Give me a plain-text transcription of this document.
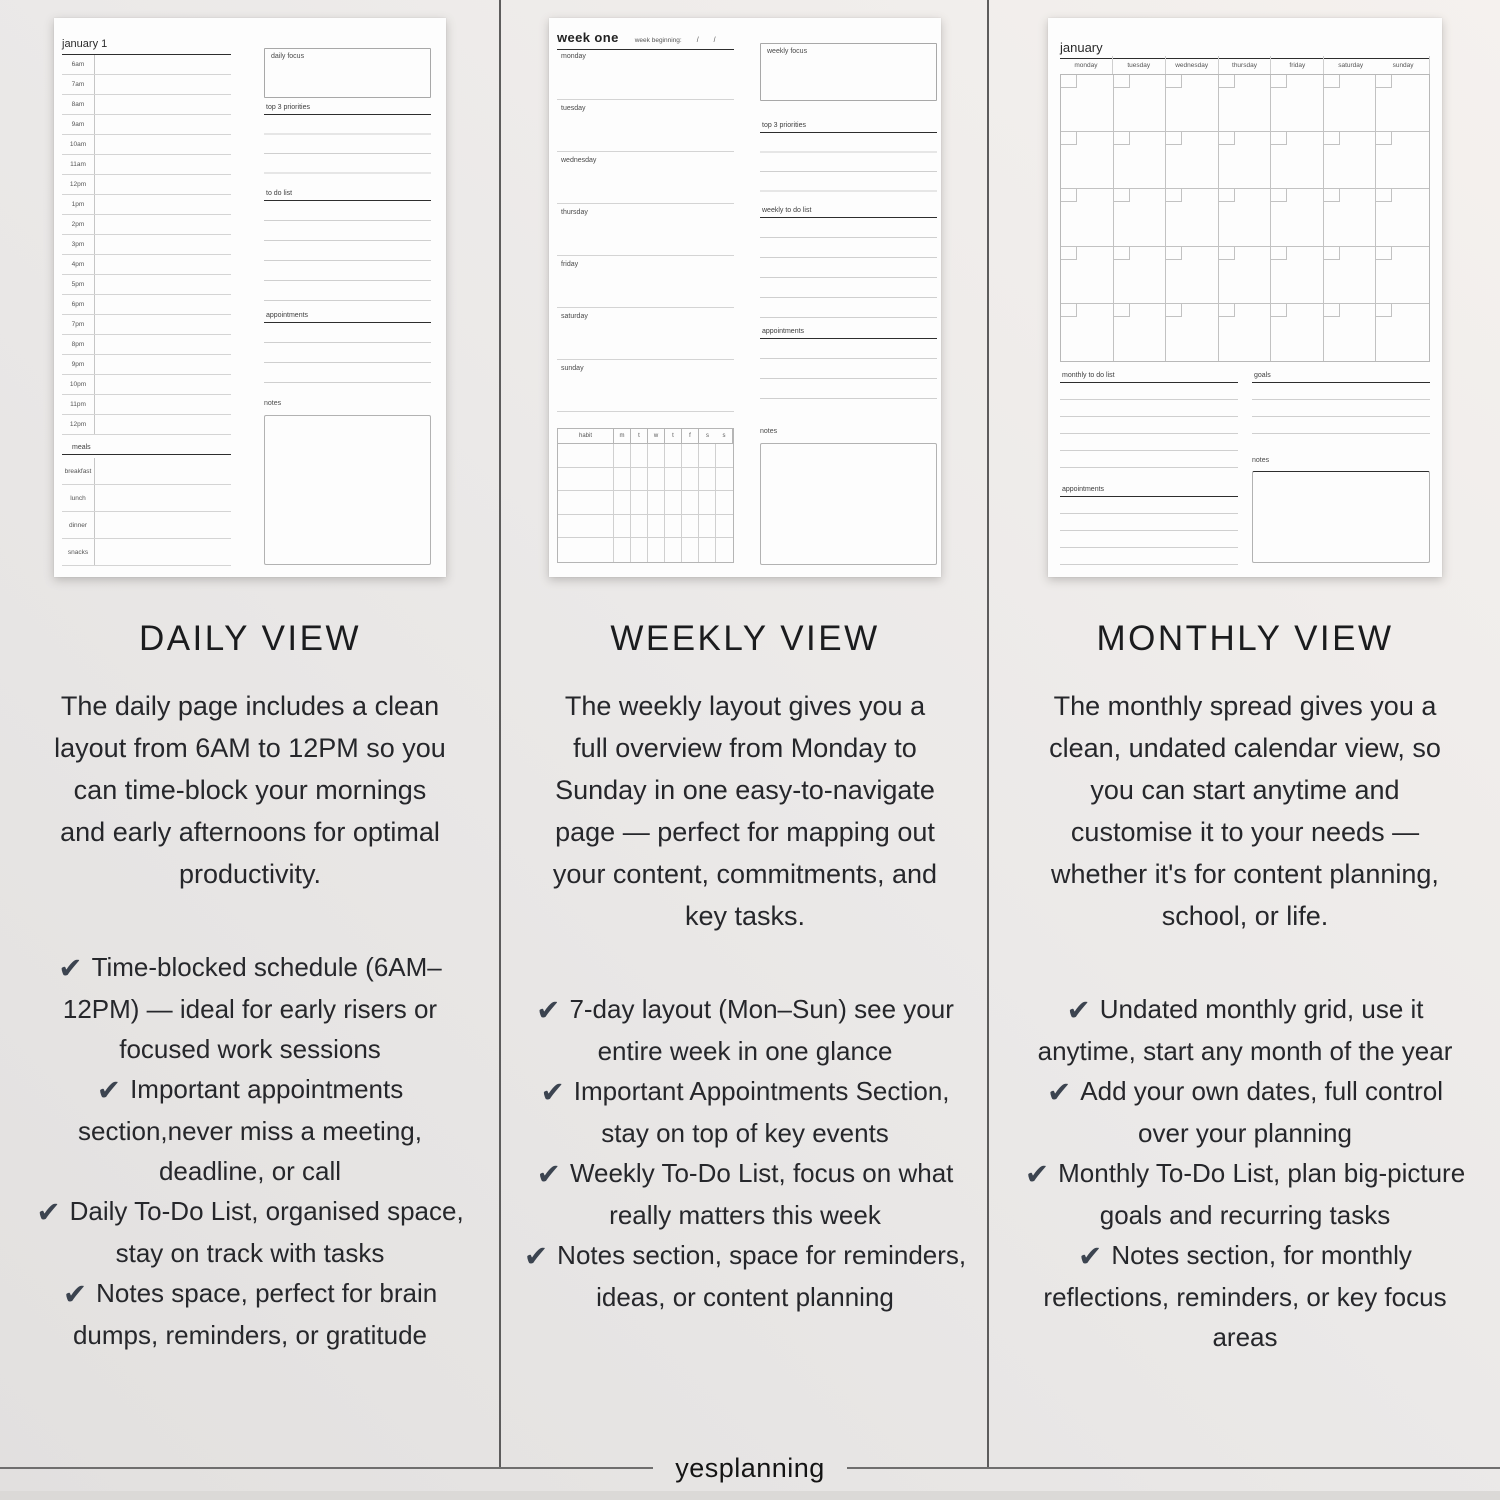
january 1
6am
7am
8am
9am
10am
11am
12pm
1pm
2pm
3pm
4pm
5pm
6pm
7pm
8pm
9pm
10pm
11pm
12pm
meals
breakfast
lunch
dinner
snacks
daily focus
top 3 priorities
to do list
appointments
notes
DAILY VIEW

The daily page includes a clean layout from 6AM to 12PM so you can time-block your mornings and early afternoons for optimal productivity.

✔ Time-blocked schedule (6AM–12PM) — ideal for early risers or focused work sessions
✔ Important appointments section,never miss a meeting, deadline, or call
✔ Daily To-Do List, organised space, stay on track with tasks
✔ Notes space, perfect for brain dumps, reminders, or gratitude
week one week beginning: / /
monday
tuesday
wednesday
thursday
friday
saturday
sunday
habit	m	t	w	t	f	s	s
weekly focus
top 3 priorities
weekly to do list
appointments
notes
WEEKLY VIEW

The weekly layout gives you a full overview from Monday to Sunday in one easy-to-navigate page — perfect for mapping out your content, commitments, and key tasks.

✔ 7-day layout (Mon–Sun) see your entire week in one glance
✔ Important Appointments Section, stay on top of key events
✔ Weekly To-Do List, focus on what really matters this week
✔ Notes section, space for reminders, ideas, or content planning
january
monday	tuesday	wednesday	thursday	friday	saturday	sunday
monthly to do list
appointments
goals
notes
MONTHLY VIEW

The monthly spread gives you a clean, undated calendar view, so you can start anytime and customise it to your needs — whether it's for content planning, school, or life.

✔ Undated monthly grid, use it anytime, start any month of the year
✔ Add your own dates, full control over your planning
✔ Monthly To-Do List, plan big-picture goals and recurring tasks
✔ Notes section, for monthly reflections, reminders, or key focus areas
yesplanning
